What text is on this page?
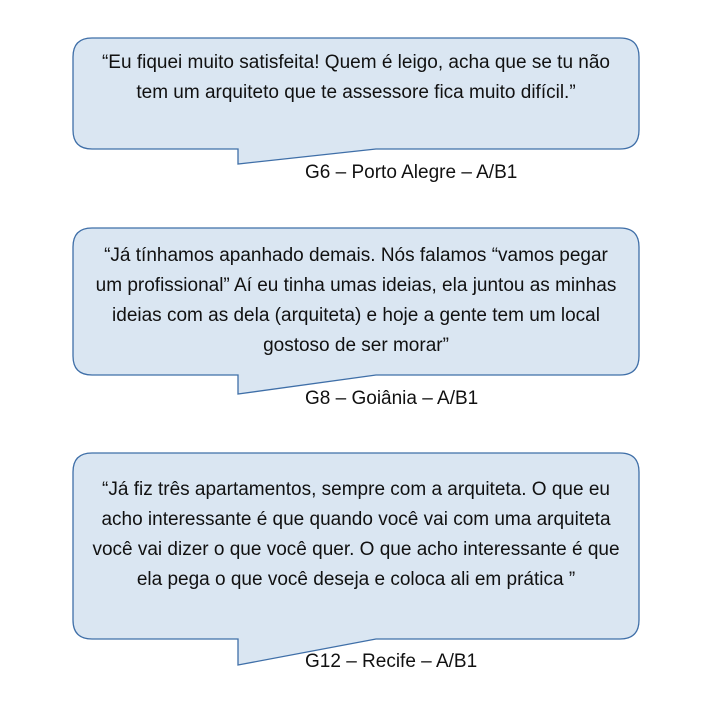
“Eu fiquei muito satisfeita! Quem é leigo, acha que se tu não tem um arquiteto que te assessore fica muito difícil.”
G6 – Porto Alegre – A/B1
“Já tínhamos apanhado demais. Nós falamos “vamos pegar um profissional” Aí eu tinha umas ideias, ela juntou as minhas ideias com as dela (arquiteta) e hoje a gente tem um local gostoso de ser morar”
G8 – Goiânia – A/B1
“Já fiz três apartamentos, sempre com a arquiteta. O que eu acho interessante é que quando você vai com uma arquiteta você vai dizer o que você quer. O que acho interessante é que ela pega o que você deseja e coloca ali em prática ”
G12 – Recife – A/B1
